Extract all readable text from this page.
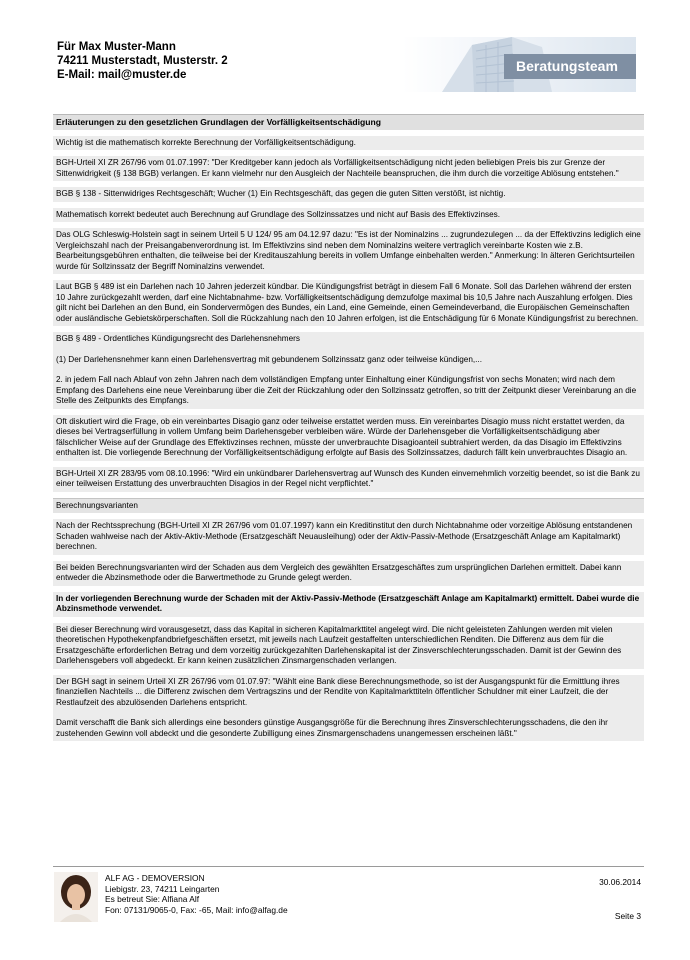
Für Max Muster-Mann
74211 Musterstadt, Musterstr. 2
E-Mail: mail@muster.de
Beratungsteam
Erläuterungen zu den gesetzlichen Grundlagen der Vorfälligkeitsentschädigung
Wichtig ist die mathematisch korrekte Berechnung der Vorfälligkeitsentschädigung.
BGH-Urteil XI ZR 267/96 vom 01.07.1997: "Der Kreditgeber kann jedoch als Vorfälligkeitsentschädigung nicht jeden beliebigen Preis bis zur Grenze der Sittenwidrigkeit (§ 138 BGB) verlangen. Er kann vielmehr nur den Ausgleich der Nachteile beanspruchen, die ihm durch die vorzeitige Ablösung entstehen."
BGB § 138 - Sittenwidriges Rechtsgeschäft; Wucher (1) Ein Rechtsgeschäft, das gegen die guten Sitten verstößt, ist nichtig.
Mathematisch korrekt bedeutet auch Berechnung auf Grundlage des Sollzinssatzes und nicht auf Basis des Effektivzinses.
Das OLG Schleswig-Holstein sagt in seinem Urteil 5 U 124/ 95 am 04.12.97 dazu: "Es ist der Nominalzins ... zugrundezulegen ... da der Effektivzins lediglich eine Vergleichszahl nach der Preisangabenverordnung ist. Im Effektivzins sind neben dem Nominalzins weitere vertraglich vereinbarte Kosten wie z.B. Bearbeitungsgebühren enthalten, die teilweise bei der Kreditauszahlung bereits in vollem Umfange einbehalten werden." Anmerkung: In älteren Gerichtsurteilen wurde für Sollzinssatz der Begriff Nominalzins verwendet.
Laut BGB § 489 ist ein Darlehen nach 10 Jahren jederzeit kündbar. Die Kündigungsfrist beträgt in diesem Fall 6 Monate. Soll das Darlehen während der ersten 10 Jahre zurückgezahlt werden, darf eine Nichtabnahme- bzw. Vorfälligkeitsentschädigung demzufolge maximal bis 10,5 Jahre nach Auszahlung erfolgen. Dies gilt nicht bei Darlehen an den Bund, ein Sondervermögen des Bundes, ein Land, eine Gemeinde, einen Gemeindeverband, die Europäischen Gemeinschaften oder ausländische Gebietskörperschaften. Soll die Rückzahlung nach den 10 Jahren erfolgen, ist die Entschädigung für 6 Monate Kündigungsfrist zu berechnen.
BGB § 489 - Ordentliches Kündigungsrecht des Darlehensnehmers
(1) Der Darlehensnehmer kann einen Darlehensvertrag mit gebundenem Sollzinssatz ganz oder teilweise kündigen,...
2. in jedem Fall nach Ablauf von zehn Jahren nach dem vollständigen Empfang unter Einhaltung einer Kündigungsfrist von sechs Monaten; wird nach dem Empfang des Darlehens eine neue Vereinbarung über die Zeit der Rückzahlung oder den Sollzinssatz getroffen, so tritt der Zeitpunkt dieser Vereinbarung an die Stelle des Zeitpunkts des Empfangs.
Oft diskutiert wird die Frage, ob ein vereinbartes Disagio ganz oder teilweise erstattet werden muss. Ein vereinbartes Disagio muss nicht erstattet werden, da dieses bei Vertragserfüllung in vollem Umfang beim Darlehensgeber verbleiben wäre. Würde der Darlehensgeber die Vorfälligkeitsentschädigung aber fälschlicher Weise auf der Grundlage des Effektivzinses rechnen, müsste der unverbrauchte Disagioanteil subtrahiert werden, da das Disagio im Effektivzins enthalten ist. Die vorliegende Berechnung der Vorfälligkeitsentschädigung erfolgte auf Basis des Sollzinssatzes, dadurch fällt kein unverbrauchtes Disagio an.
BGH-Urteil XI ZR 283/95 vom 08.10.1996: "Wird ein unkündbarer Darlehensvertrag auf Wunsch des Kunden einvernehmlich vorzeitig beendet, so ist die Bank zu einer teilweisen Erstattung des unverbrauchten Disagios in der Regel nicht verpflichtet."
Berechnungsvarianten
Nach der Rechtssprechung (BGH-Urteil XI ZR 267/96 vom 01.07.1997) kann ein Kreditinstitut den durch Nichtabnahme oder vorzeitige Ablösung entstandenen Schaden wahlweise nach der Aktiv-Aktiv-Methode (Ersatzgeschäft Neuausleihung) oder der Aktiv-Passiv-Methode (Ersatzgeschäft Anlage am Kapitalmarkt) berechnen.
Bei beiden Berechnungsvarianten wird der Schaden aus dem Vergleich des gewählten Ersatzgeschäftes zum ursprünglichen Darlehen ermittelt. Dabei kann entweder die Abzinsmethode oder die Barwertmethode zu Grunde gelegt werden.
In der vorliegenden Berechnung wurde der Schaden mit der Aktiv-Passiv-Methode (Ersatzgeschäft Anlage am Kapitalmarkt) ermittelt. Dabei wurde die Abzinsmethode verwendet.
Bei dieser Berechnung wird vorausgesetzt, dass das Kapital in sicheren Kapitalmarkttitel angelegt wird. Die nicht geleisteten Zahlungen werden mit vielen theoretischen Hypothekenpfandbriefgeschäften ersetzt, mit jeweils nach Laufzeit gestaffelten unterschiedlichen Renditen. Die Differenz aus dem für die Ersatzgeschäfte erforderlichen Betrag und dem vorzeitig zurückgezahlten Darlehenskapital ist der Zinsverschlechterungsschaden. Damit ist der Gewinn des Darlehensgebers voll abgedeckt. Er kann keinen zusätzlichen Zinsmargenschaden verlangen.
Der BGH sagt in seinem Urteil XI ZR 267/96 vom 01.07.97: "Wählt eine Bank diese Berechnungsmethode, so ist der Ausgangspunkt für die Ermittlung ihres finanziellen Nachteils ... die Differenz zwischen dem Vertragszins und der Rendite von Kapitalmarkttiteln öffentlicher Schuldner mit einer Laufzeit, die der Restlaufzeit des abzulösenden Darlehens entspricht.
Damit verschafft die Bank sich allerdings eine besonders günstige Ausgangsgröße für die Berechnung ihres Zinsverschlechterungsschadens, die den ihr zustehenden Gewinn voll abdeckt und die gesonderte Zubilligung eines Zinsmargenschadens unangemessen erscheinen läßt."
ALF AG - DEMOVERSION
Liebigstr. 23, 74211 Leingarten
Es betreut Sie: Alfiana Alf
Fon: 07131/9065-0, Fax: -65, Mail: info@alfag.de
30.06.2014
Seite 3
